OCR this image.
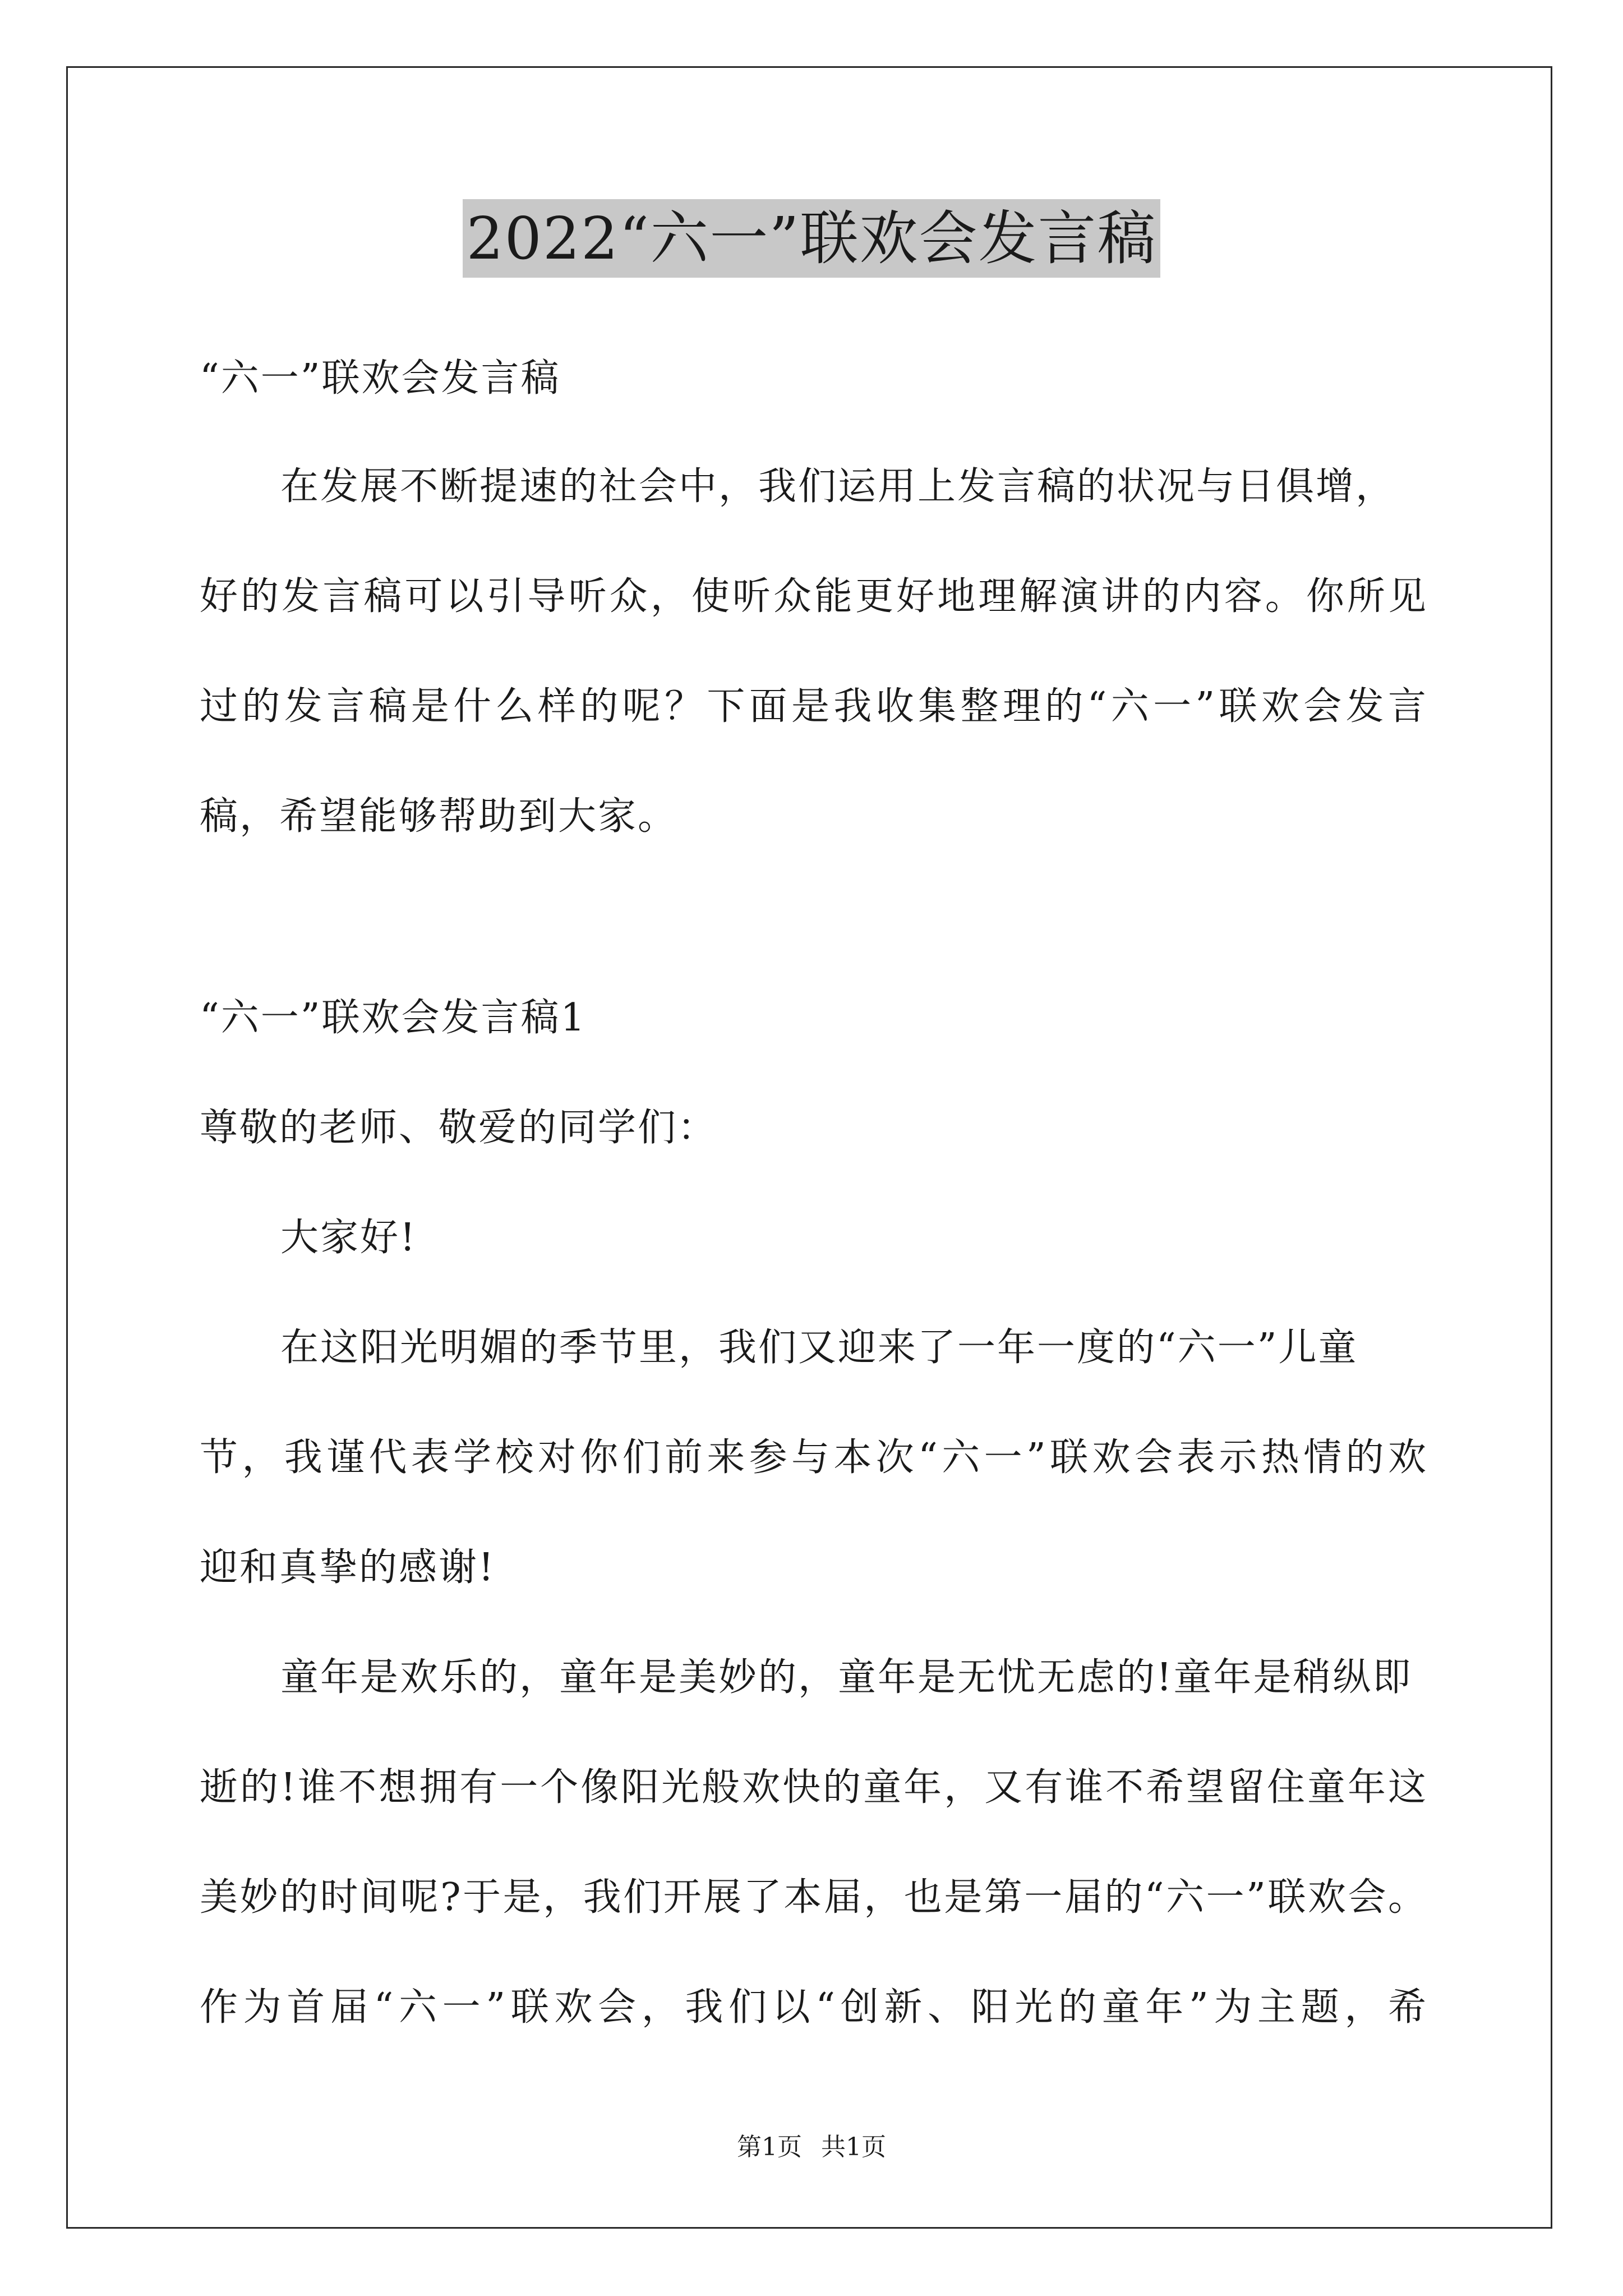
2022“六一”联欢会发言稿
“六一”联欢会发言稿
在发展不断提速的社会中，我们运用上发言稿的状况与日俱增，
好的发言稿可以引导听众，使听众能更好地理解演讲的内容。你所见
过的发言稿是什么样的呢？下面是我收集整理的“六一”联欢会发言
稿，希望能够帮助到大家。
“六一”联欢会发言稿1
尊敬的老师、敬爱的同学们：
大家好!
在这阳光明媚的季节里，我们又迎来了一年一度的“六一”儿童
节，我谨代表学校对你们前来参与本次“六一”联欢会表示热情的欢
迎和真挚的感谢!
童年是欢乐的，童年是美妙的，童年是无忧无虑的!童年是稍纵即
逝的!谁不想拥有一个像阳光般欢快的童年，又有谁不希望留住童年这
美妙的时间呢?于是，我们开展了本届，也是第一届的“六一”联欢会。
作为首届“六一”联欢会，我们以“创新、阳光的童年”为主题，希
第1页 共1页
